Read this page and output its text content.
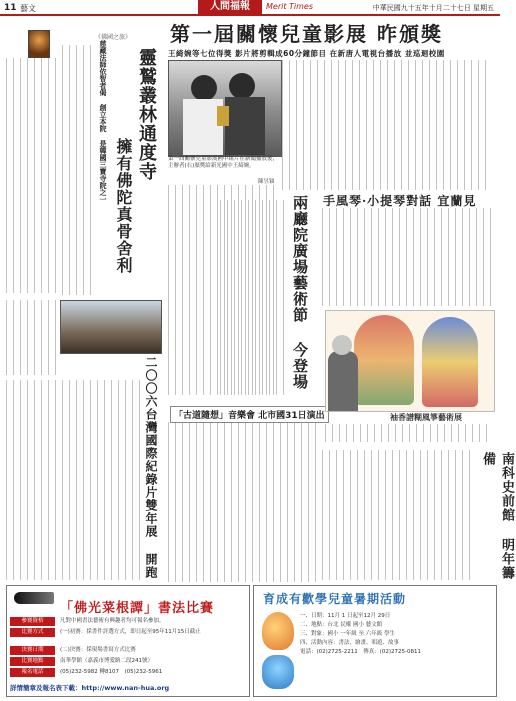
11 藝文	人間福報	Merit Times	中華民國九十五年十月二十七日 星期五
《佛國之旅》
靈鷲叢林通度寺
擁有佛陀真骨舍利
慈藏法師依智者偈 創立本院 是韓國三寶寺院之一
二〇〇六台灣國際紀錄片雙年展 開跑
第一屆關懷兒童影展 昨頒獎
王綺婉等七位得獎 影片將剪輯成60分鐘節目 在新唐人電視台播放 並巡迴校園
第一屆關懷兒童影展國中組片在新聞播放後，主辦者(右)頒獎給新光國中王綺婉。
陳昱穎
兩廳院廣場藝術節 今登場
「古道隨想」音樂會 北市國31日演出
手風琴·小提琴對話 宜蘭見
袖香譜糊風箏藝術展
南科史前館 明年籌備
「佛光菜根譚」書法比賽
參賽資格	凡對中國書法藝術有興趣者均可報名參加。
比賽方式	(一)初賽：採書件評選方式，即日起至95年11月15日截止
決賽日期	(二)決賽：採現場書寫方式比賽
比賽地點	南華學館（嘉義市博愛路二段241號）
報名電話	(05)232-5982 轉8107　(05)232-5961
詳情簡章及報名表下載：http://www.nan-hua.org
育成有歡學兒童暑期活動
一、日期：11月 1 日起至12月 29日
二、地點：台北 民權 國小 藝文館
三、對象：國小 一年級 至 六年級 學生
四、活動內容：書法、繪畫、唱遊、故事
電話：(02)2725-2211　傳真：(02)2725-0811
